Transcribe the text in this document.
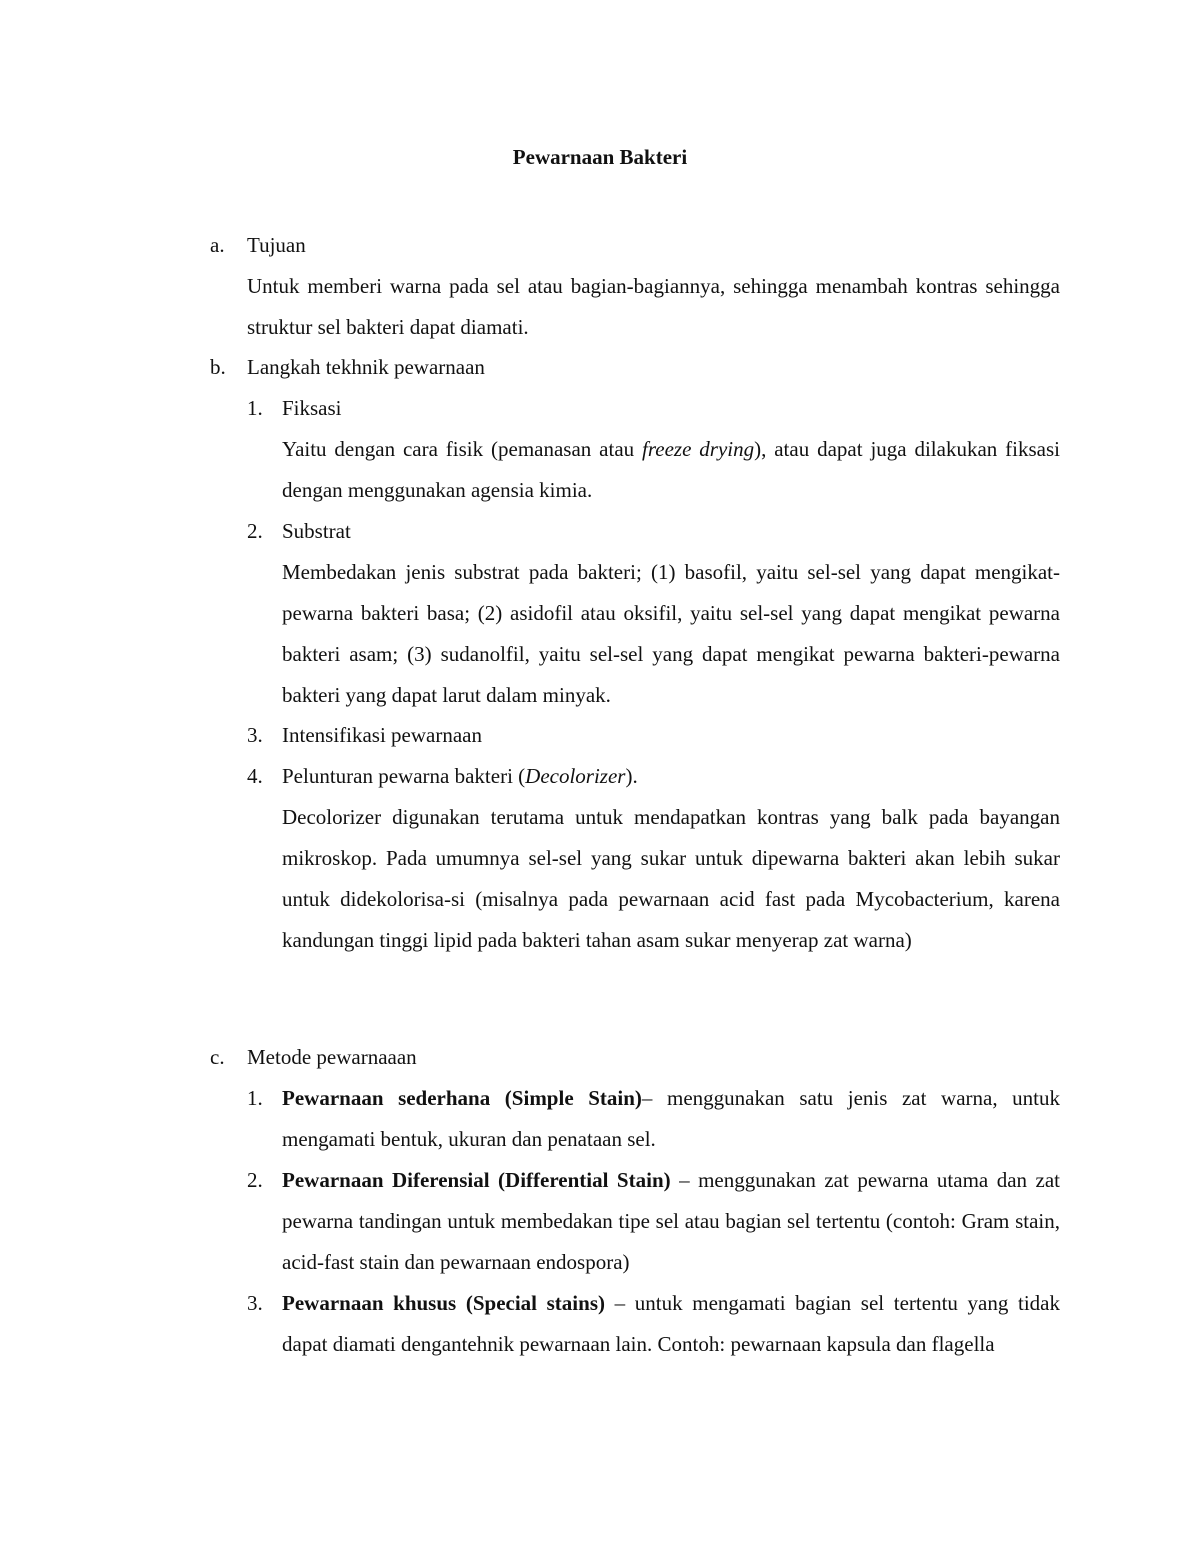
Pewarnaan Bakteri
a. Tujuan
Untuk memberi warna pada sel atau bagian-bagiannya, sehingga menambah kontras sehingga struktur sel bakteri dapat diamati.
b. Langkah tekhnik pewarnaan
1. Fiksasi
Yaitu dengan cara fisik (pemanasan atau freeze drying), atau dapat juga dilakukan fiksasi dengan menggunakan agensia kimia.
2. Substrat
Membedakan jenis substrat pada bakteri; (1) basofil, yaitu sel-sel yang dapat mengikat- pewarna bakteri basa; (2) asidofil atau oksifil, yaitu sel-sel yang dapat mengikat pewarna bakteri asam; (3) sudanolfil, yaitu sel-sel yang dapat mengikat pewarna bakteri-pewarna bakteri yang dapat larut dalam minyak.
3. Intensifikasi pewarnaan
4. Pelunturan pewarna bakteri (Decolorizer).
Decolorizer digunakan terutama untuk mendapatkan kontras yang balk pada bayangan mikroskop. Pada umumnya sel-sel yang sukar untuk dipewarna bakteri akan lebih sukar untuk didekolorisa-si (misalnya pada pewarnaan acid fast pada Mycobacterium, karena kandungan tinggi lipid pada bakteri tahan asam sukar menyerap zat warna)
c. Metode pewarnaaan
1. Pewarnaan sederhana (Simple Stain)– menggunakan satu jenis zat warna, untuk mengamati bentuk, ukuran dan penataan sel.
2. Pewarnaan Diferensial (Differential Stain) – menggunakan zat pewarna utama dan zat pewarna tandingan untuk membedakan tipe sel atau bagian sel tertentu (contoh: Gram stain, acid-fast stain dan pewarnaan endospora)
3. Pewarnaan khusus (Special stains) – untuk mengamati bagian sel tertentu yang tidak dapat diamati dengantehnik pewarnaan lain. Contoh: pewarnaan kapsula dan flagella
